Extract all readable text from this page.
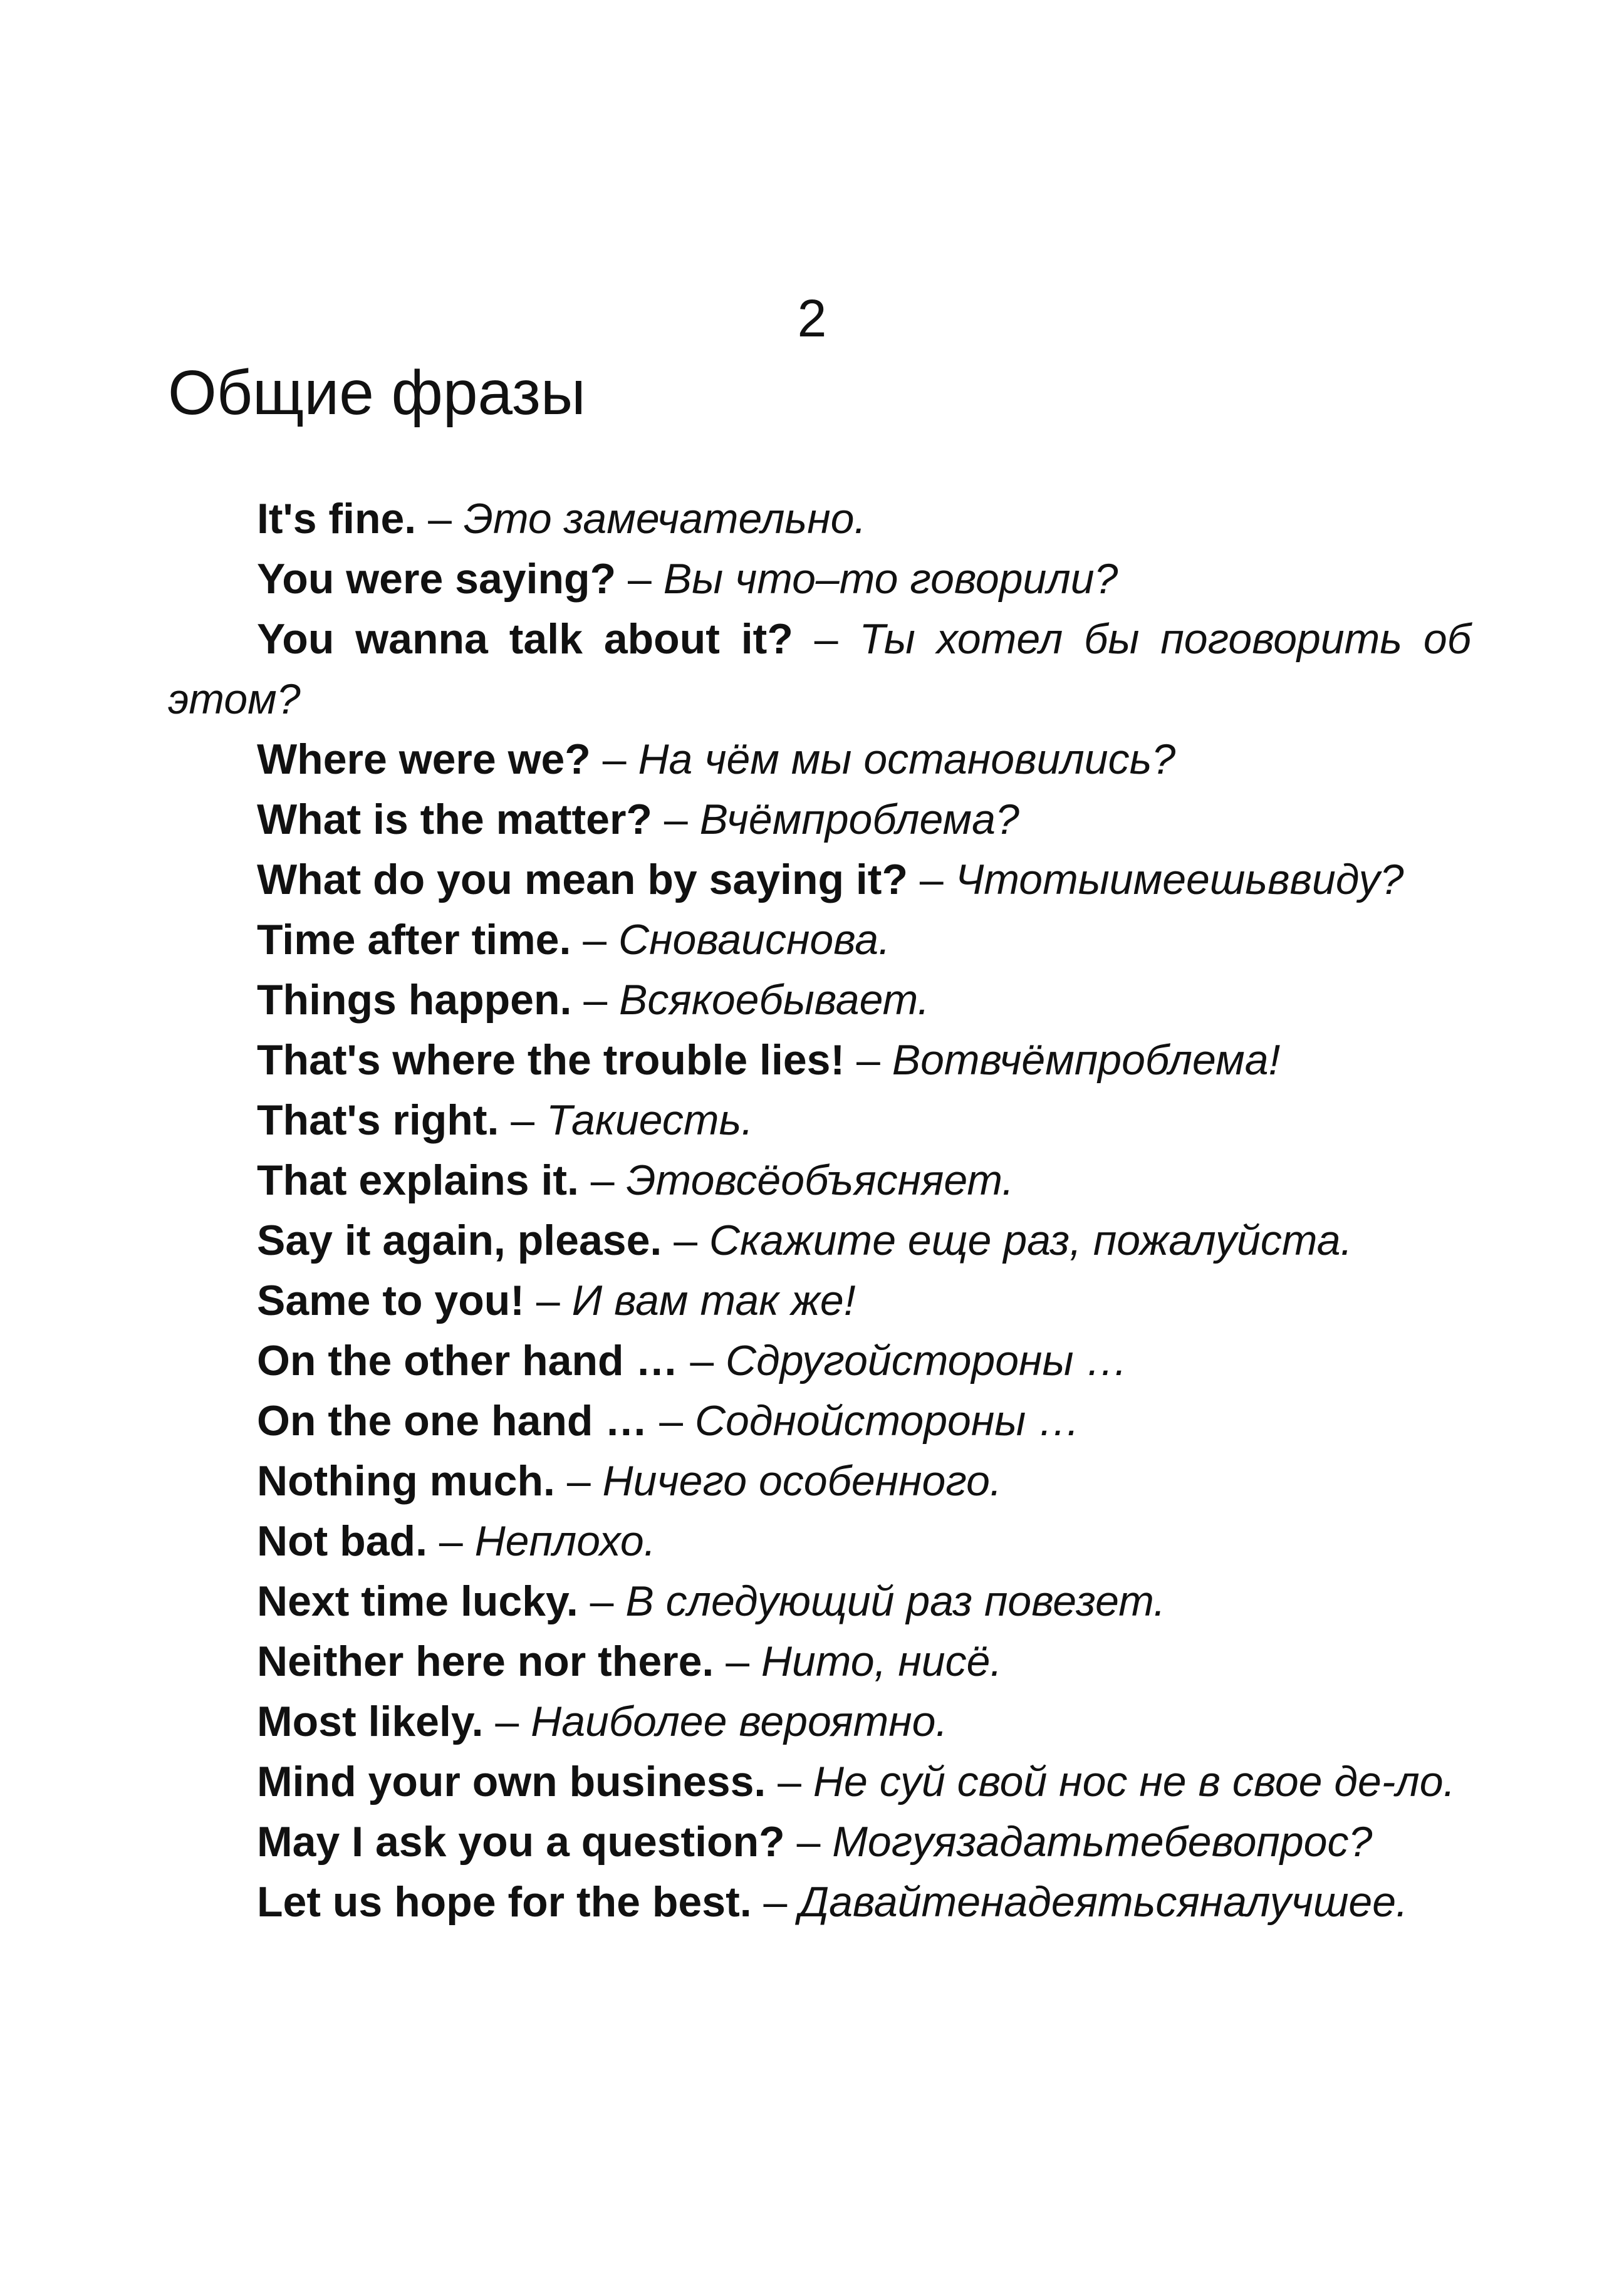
2
Общие фразы
It's fine. – Это замечательно.
You were saying? – Вы что–то говорили?
You wanna talk about it? – Ты хотел бы поговорить об этом?
Where were we? – На чём мы остановились?
What is the matter? – Вчёмпроблема?
What do you mean by saying it? – Чтотыимеешьввиду?
Time after time. – Сноваиснова.
Things happen. – Всякоебывает.
That's where the trouble lies! – Вотвчёмпроблема!
That's right. – Такиесть.
That explains it. – Этовсёобъясняет.
Say it again, please. – Скажите еще раз, пожалуйста.
Same to you! – И вам так же!
On the other hand … – Сдругойстороны …
On the one hand … – Соднойстороны …
Nothing much. – Ничего особенного.
Not bad. – Неплохо.
Next time lucky. – В следующий раз повезет.
Neither here nor there. – Нито, нисё.
Most likely. – Наиболее вероятно.
Mind your own business. – Не суй свой нос не в свое де-ло.
May I ask you a question? – Могуязадатьтебевопрос?
Let us hope for the best. – Давайтенадеятьсяналучшее.
